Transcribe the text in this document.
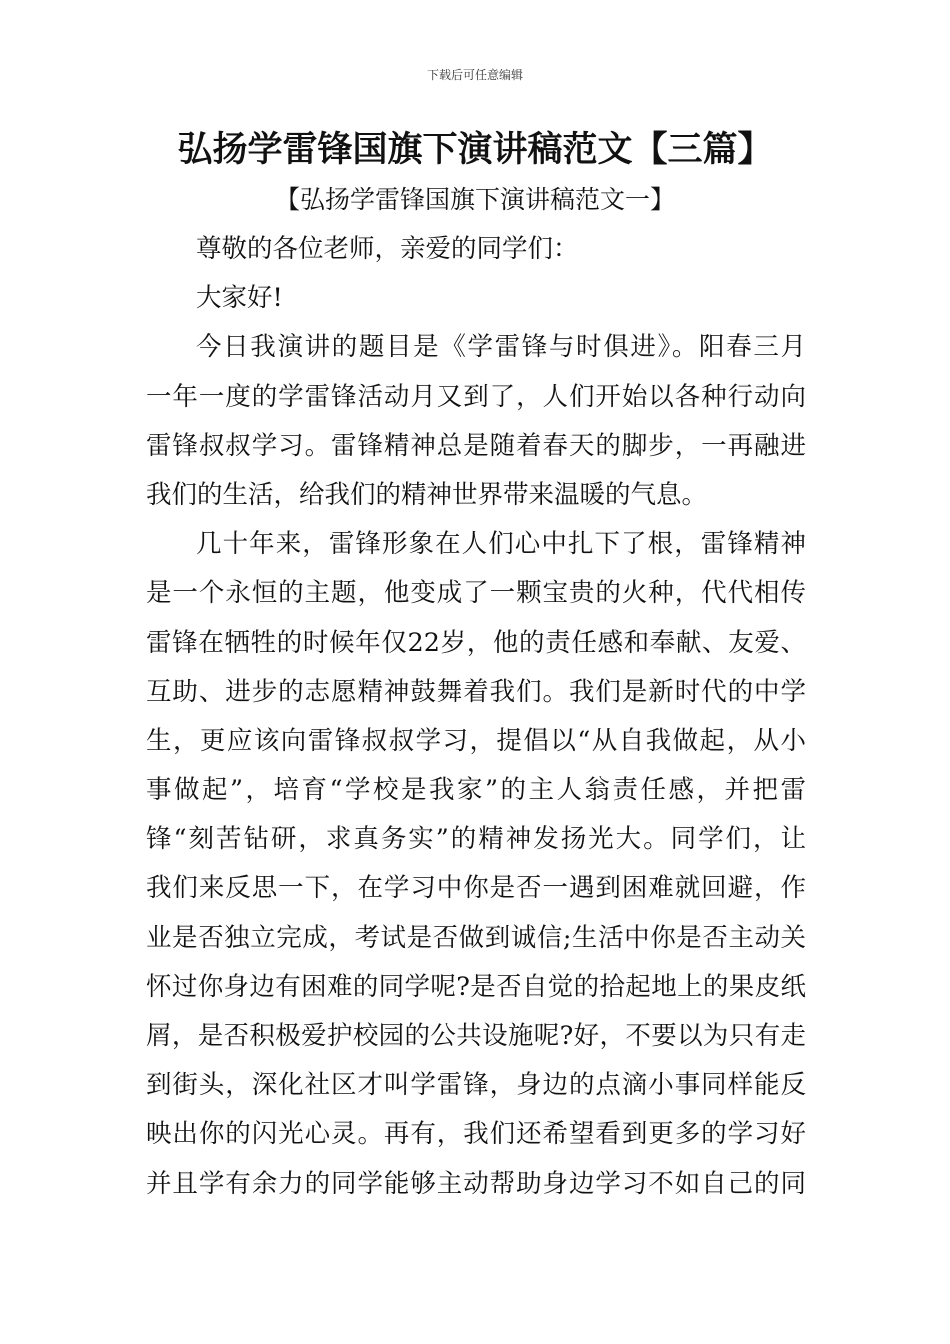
下载后可任意编辑
弘扬学雷锋国旗下演讲稿范文【三篇】
【弘扬学雷锋国旗下演讲稿范文一】
尊敬的各位老师，亲爱的同学们：
大家好!
今日我演讲的题目是《学雷锋与时俱进》。阳春三月
一年一度的学雷锋活动月又到了，人们开始以各种行动向
雷锋叔叔学习。雷锋精神总是随着春天的脚步，一再融进
我们的生活，给我们的精神世界带来温暖的气息。
几十年来，雷锋形象在人们心中扎下了根，雷锋精神
是一个永恒的主题，他变成了一颗宝贵的火种，代代相传
雷锋在牺牲的时候年仅22岁，他的责任感和奉献、友爱、
互助、进步的志愿精神鼓舞着我们。我们是新时代的中学
生，更应该向雷锋叔叔学习，提倡以“从自我做起，从小
事做起”，培育“学校是我家”的主人翁责任感，并把雷
锋“刻苦钻研，求真务实”的精神发扬光大。同学们，让
我们来反思一下，在学习中你是否一遇到困难就回避，作
业是否独立完成，考试是否做到诚信;生活中你是否主动关
怀过你身边有困难的同学呢?是否自觉的拾起地上的果皮纸
屑，是否积极爱护校园的公共设施呢?好，不要以为只有走
到街头，深化社区才叫学雷锋，身边的点滴小事同样能反
映出你的闪光心灵。再有，我们还希望看到更多的学习好
并且学有余力的同学能够主动帮助身边学习不如自己的同
